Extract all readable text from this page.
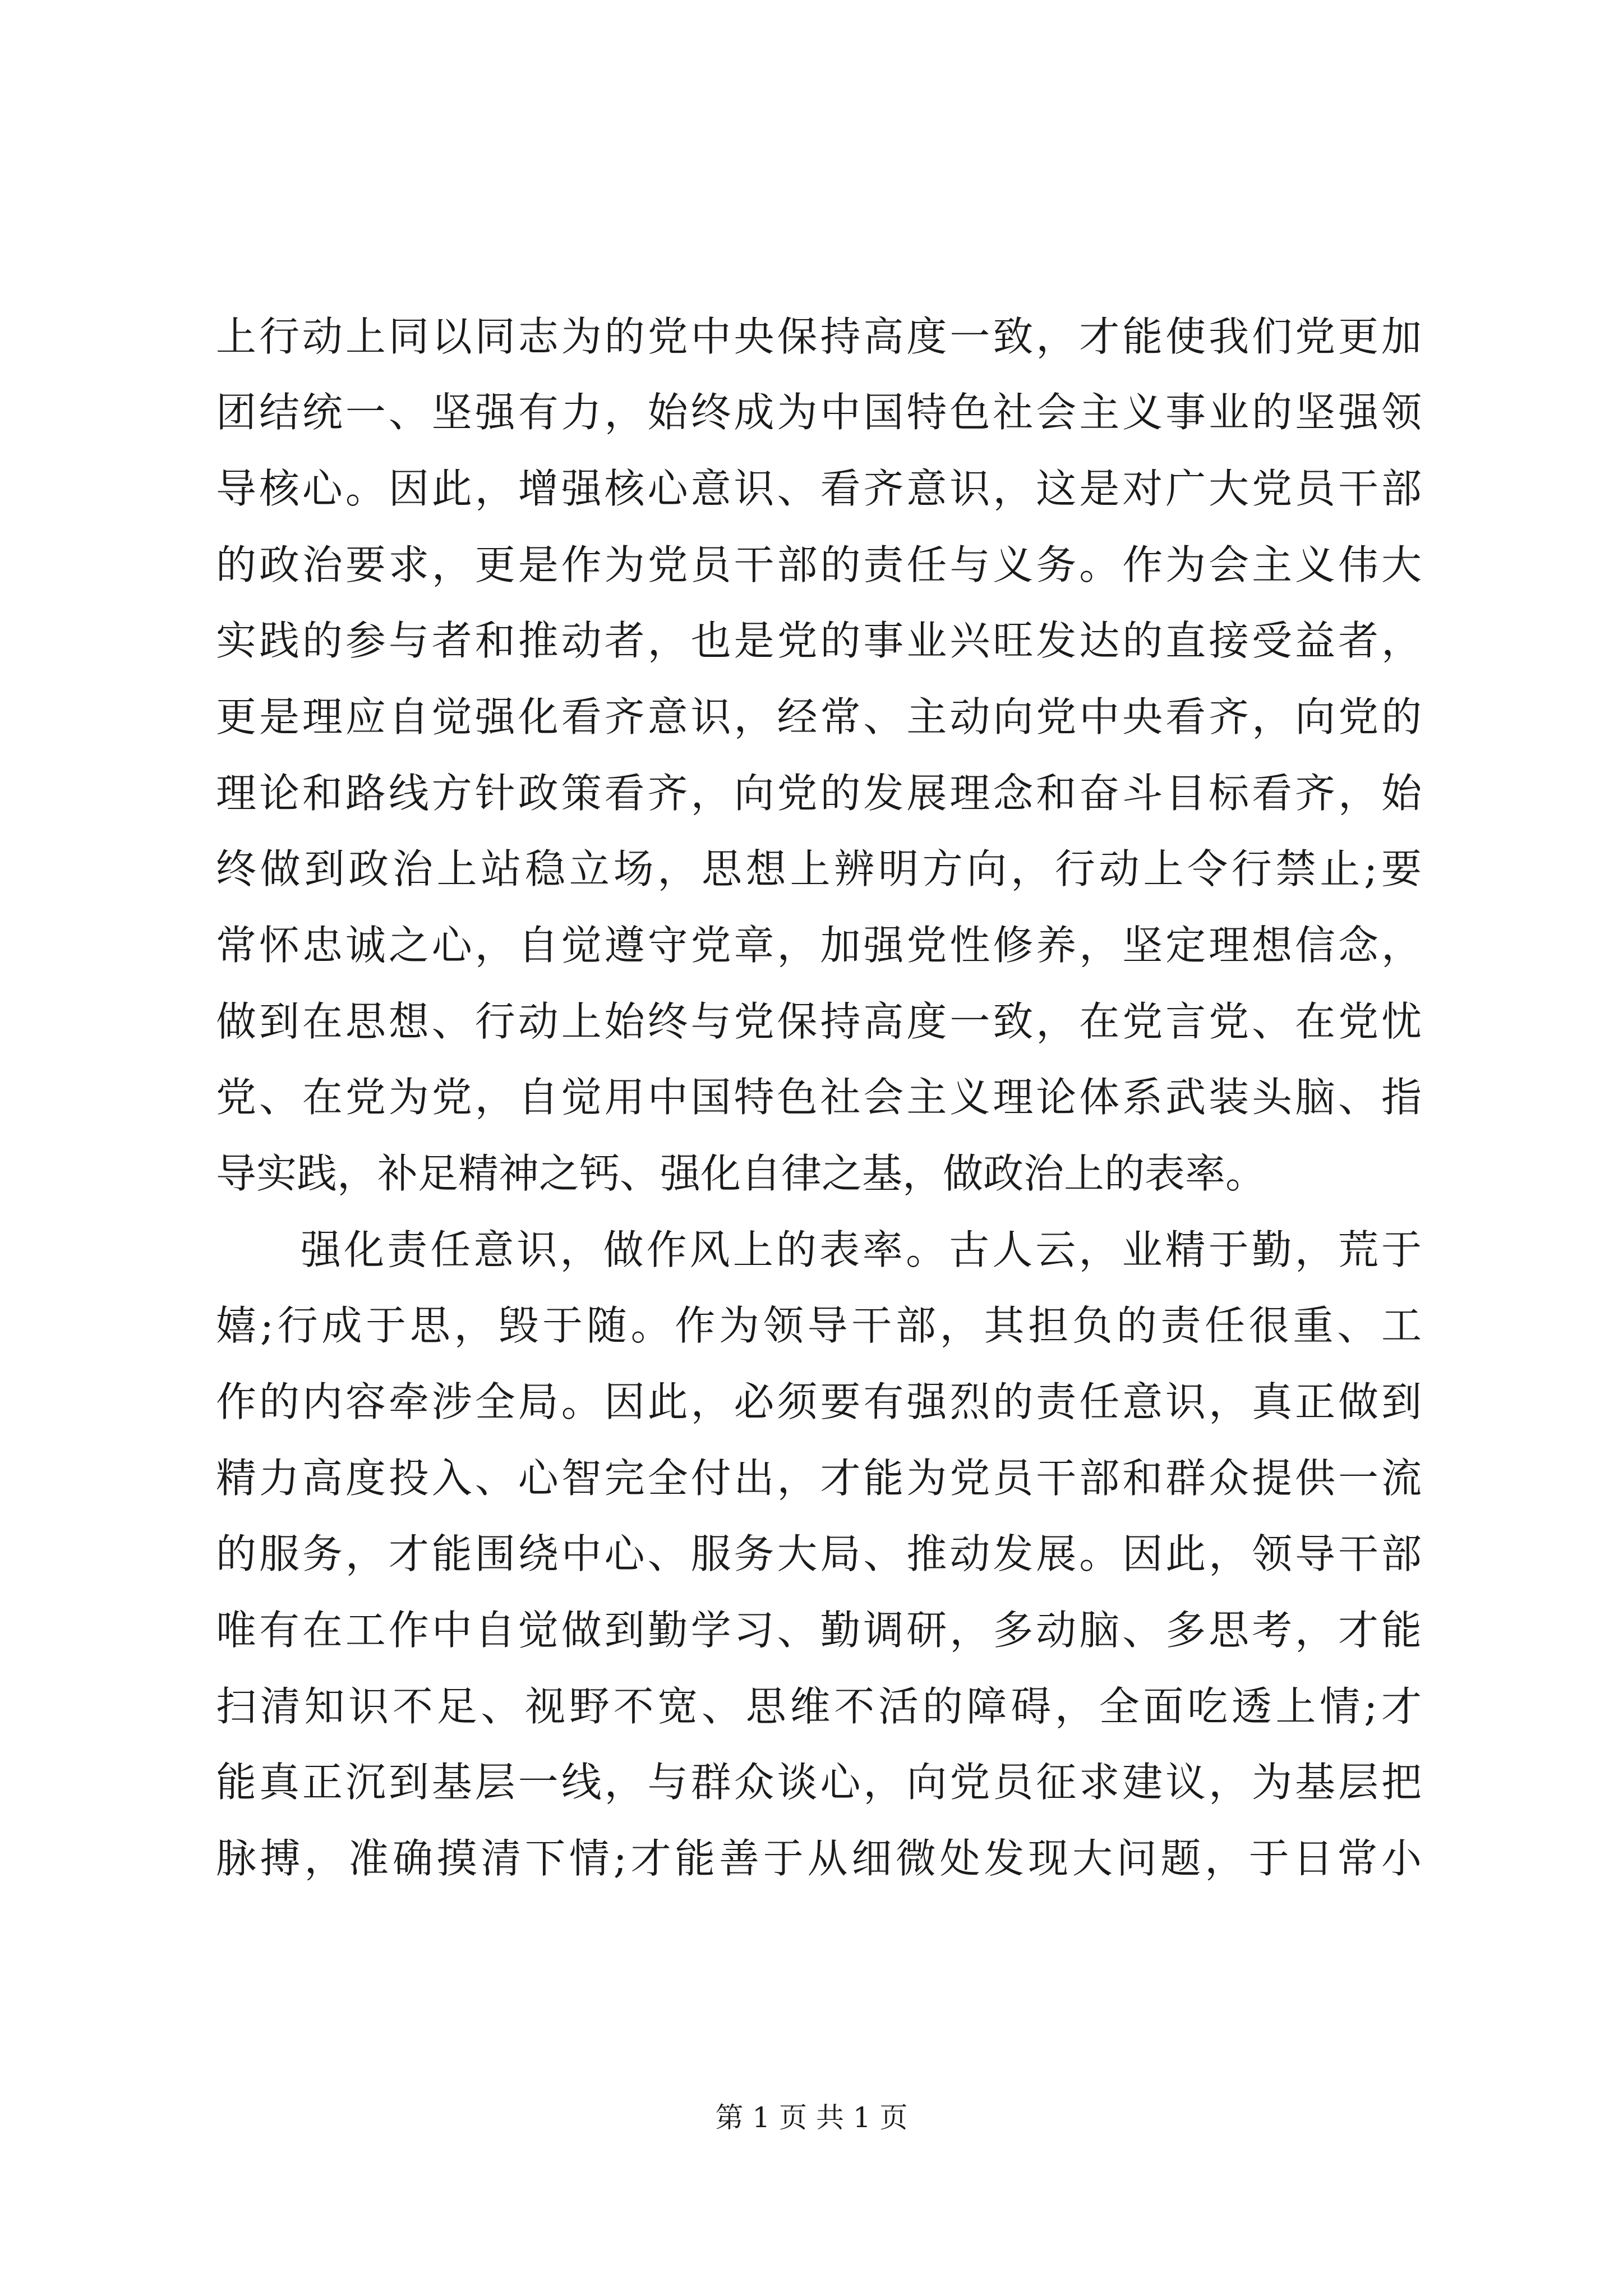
上行动上同以同志为的党中央保持高度一致，才能使我们党更加
团结统一、坚强有力，始终成为中国特色社会主义事业的坚强领
导核心。因此，增强核心意识、看齐意识，这是对广大党员干部
的政治要求，更是作为党员干部的责任与义务。作为会主义伟大
实践的参与者和推动者，也是党的事业兴旺发达的直接受益者，
更是理应自觉强化看齐意识，经常、主动向党中央看齐，向党的
理论和路线方针政策看齐，向党的发展理念和奋斗目标看齐，始
终做到政治上站稳立场，思想上辨明方向，行动上令行禁止;要
常怀忠诚之心，自觉遵守党章，加强党性修养，坚定理想信念，
做到在思想、行动上始终与党保持高度一致，在党言党、在党忧
党、在党为党，自觉用中国特色社会主义理论体系武装头脑、指
导实践，补足精神之钙、强化自律之基，做政治上的表率。
强化责任意识，做作风上的表率。古人云，业精于勤，荒于
嬉;行成于思，毁于随。作为领导干部，其担负的责任很重、工
作的内容牵涉全局。因此，必须要有强烈的责任意识，真正做到
精力高度投入、心智完全付出，才能为党员干部和群众提供一流
的服务，才能围绕中心、服务大局、推动发展。因此，领导干部
唯有在工作中自觉做到勤学习、勤调研，多动脑、多思考，才能
扫清知识不足、视野不宽、思维不活的障碍，全面吃透上情;才
能真正沉到基层一线，与群众谈心，向党员征求建议，为基层把
脉搏，准确摸清下情;才能善于从细微处发现大问题，于日常小
第 1 页 共 1 页
